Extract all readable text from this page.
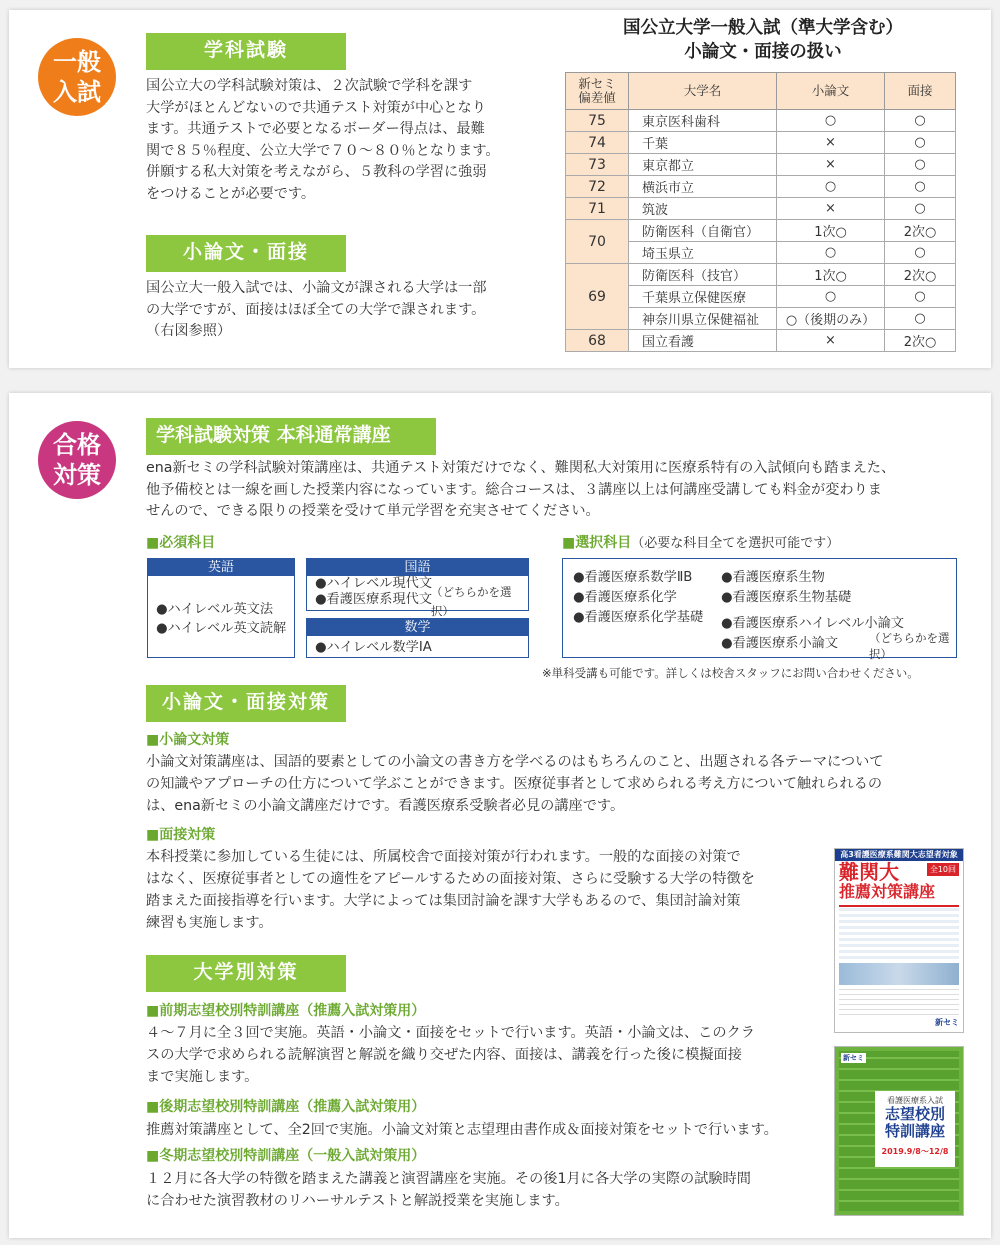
一般
入試
学科試験
国公立大の学科試験対策は、２次試験で学科を課す
大学がほとんどないので共通テスト対策が中心となり
ます。共通テストで必要となるボーダー得点は、最難
関で８５％程度、公立大学で７０～８０％となります。
併願する私大対策を考えながら、５教科の学習に強弱
をつけることが必要です。
小論文・面接
国公立大一般入試では、小論文が課される大学は一部
の大学ですが、面接はほぼ全ての大学で課されます。
（右図参照）
国公立大学一般入試（準大学含む）
小論文・面接の扱い
新セミ偏差値	大学名	小論文	面接
75	東京医科歯科	○	○
74	千葉	×	○
73	東京都立	×	○
72	横浜市立	○	○
71	筑波	×	○
70	防衛医科（自衛官）	1次○	2次○
	埼玉県立	○	○
69	防衛医科（技官）	1次○	2次○
	千葉県立保健医療	○	○
	神奈川県立保健福祉	○（後期のみ）	○
68	国立看護	×	2次○
合格
対策
学科試験対策 本科通常講座
ena新セミの学科試験対策講座は、共通テスト対策だけでなく、難関私大対策用に医療系特有の入試傾向も踏まえた、
他予備校とは一線を画した授業内容になっています。総合コースは、３講座以上は何講座受講しても料金が変わりま
せんので、できる限りの授業を受けて単元学習を充実させてください。
■必須科目
英語
●ハイレベル英文法
●ハイレベル英文読解
国語
●ハイレベル現代文
●看護医療系現代文
（どちらかを選択）
数学
●ハイレベル数学ⅠA
■選択科目（必要な科目全てを選択可能です）
●看護医療系数学ⅡB
●看護医療系化学
●看護医療系化学基礎
●看護医療系生物
●看護医療系生物基礎
●看護医療系ハイレベル小論文
●看護医療系小論文	（どちらかを選択）
※単科受講も可能です。詳しくは校舎スタッフにお問い合わせください。
小論文・面接対策
■小論文対策
小論文対策講座は、国語的要素としての小論文の書き方を学べるのはもちろんのこと、出題される各テーマについて
の知識やアプローチの仕方について学ぶことができます。医療従事者として求められる考え方について触れられるの
は、ena新セミの小論文講座だけです。看護医療系受験者必見の講座です。
■面接対策
本科授業に参加している生徒には、所属校舎で面接対策が行われます。一般的な面接の対策で
はなく、医療従事者としての適性をアピールするための面接対策、さらに受験する大学の特徴を
踏まえた面接指導を行います。大学によっては集団討論を課す大学もあるので、集団討論対策
練習も実施します。
大学別対策
■前期志望校別特訓講座（推薦入試対策用）
４～７月に全３回で実施。英語・小論文・面接をセットで行います。英語・小論文は、このクラ
スの大学で求められる読解演習と解説を織り交ぜた内容、面接は、講義を行った後に模擬面接
まで実施します。
■後期志望校別特訓講座（推薦入試対策用）
推薦対策講座として、全2回で実施。小論文対策と志望理由書作成＆面接対策をセットで行います。
■冬期志望校別特訓講座（一般入試対策用）
１２月に各大学の特徴を踏まえた講義と演習講座を実施。その後1月に各大学の実際の試験時間
に合わせた演習教材のリハーサルテストと解説授業を実施します。
高3看護医療系難関大志望者対象
難関大
推薦対策講座
全10回
新セミ
看護医療系入試
志望校別
特訓講座
2019.9/8〜12/8
新セミ
